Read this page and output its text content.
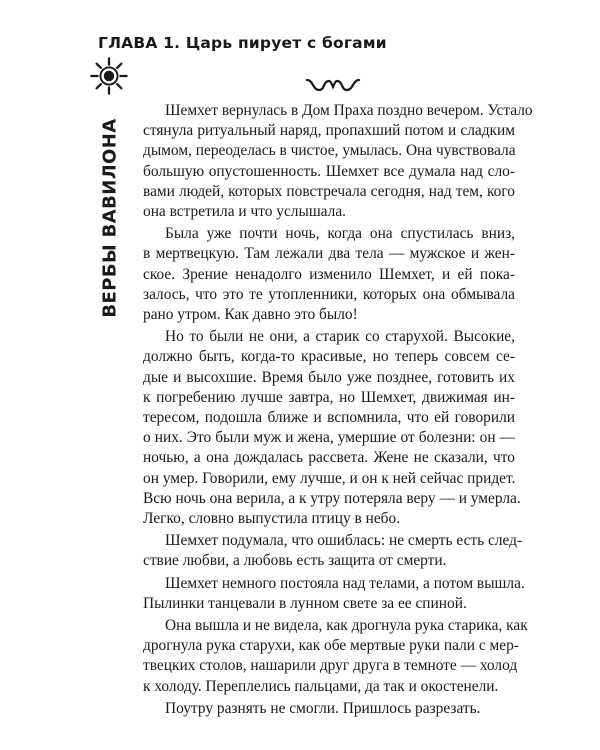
ГЛАВА 1. Царь пирует с богами
ВЕРБЫ ВАВИЛОНА
Шемхет вернулась в Дом Праха поздно вечером. Устало
стянула ритуальный наряд, пропахший потом и сладким
дымом, переоделась в чистое, умылась. Она чувствовала
большую опустошенность. Шемхет все думала над сло-
вами людей, которых повстречала сегодня, над тем, кого
она встретила и что услышала.
Была уже почти ночь, когда она спустилась вниз,
в мертвецкую. Там лежали два тела — мужское и жен-
ское. Зрение ненадолго изменило Шемхет, и ей пока-
залось, что это те утопленники, которых она обмывала
рано утром. Как давно это было!
Но то были не они, а старик со старухой. Высокие,
должно быть, когда-то красивые, но теперь совсем се-
дые и высохшие. Время было уже позднее, готовить их
к погребению лучше завтра, но Шемхет, движимая ин-
тересом, подошла ближе и вспомнила, что ей говорили
о них. Это были муж и жена, умершие от болезни: он —
ночью, а она дождалась рассвета. Жене не сказали, что
он умер. Говорили, ему лучше, и он к ней сейчас придет.
Всю ночь она верила, а к утру потеряла веру — и умерла.
Легко, словно выпустила птицу в небо.
Шемхет подумала, что ошиблась: не смерть есть след-
ствие любви, а любовь есть защита от смерти.
Шемхет немного постояла над телами, а потом вышла.
Пылинки танцевали в лунном свете за ее спиной.
Она вышла и не видела, как дрогнула рука старика, как
дрогнула рука старухи, как обе мертвые руки пали с мер-
твецких столов, нашарили друг друга в темноте — холод
к холоду. Переплелись пальцами, да так и окостенели.
Поутру разнять не смогли. Пришлось разрезать.
